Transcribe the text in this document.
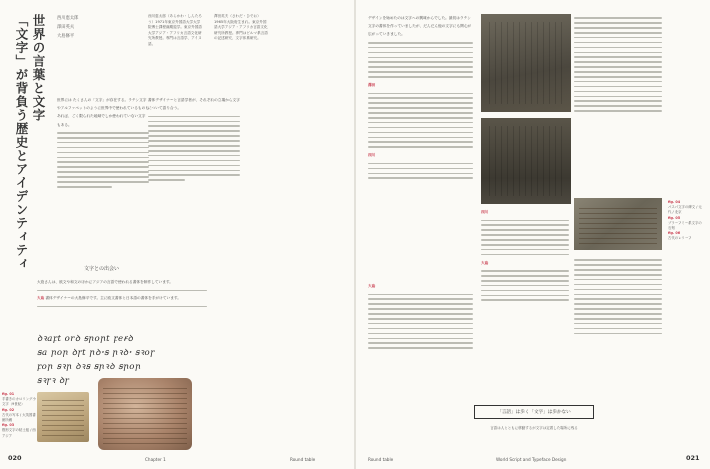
世界の言葉と文字
「文字」が背負う歴史とアイデンティティ	西川恵太郎
澤田英夫
大島修平
西川恵太郎（あらかわ・しんたろう）1971年東京外国語大学大学院博士課程満期退学。東京外国語大学アジア・アフリカ言語文化研究所教授。専門は言語学、アイヌ語。
澤田英夫（さわだ・ひでお）1965年大阪府生まれ。東京外国語大学アジア・アフリカ言語文化研究所教授。専門はビルマ系言語の記述研究、文字体系研究。
世界には たくさんの「文字」が存在する。ラテン文字やアルファベットのように世界中で使われているものもあれば、ごく限られた地域でしか使われていない文字もある。
書体デザイナーと言語学者が、それぞれの立場から文字について語り合う。
文字との出会い
大島さんは、欧文や和文のほかにアジアの言語で使われる書体を制作しています。
大島 書体デザイナーの大島修平です。主に欧文書体と日本語の書体を手がけています。
ꝺꝛaꝼt orꝺ ꞩꞃoꞃt ꝼeꞧꝺ
ꞩa ꞃoꞃ ꝺꞅt ꞃꝺꞏꞩ ꞃꝛꝺꞏ ꞩꝛoꞅ
ꝼoꞃ ꞩꝛꞃ ꝺꝛꞩ ꞩꞃꝛꝺ ꞩꞃoꞃ
ꞩꝛꞅꝛ ꝺꞅ
fig. 01
手書きのカロリング小文字（9世紀）
fig. 02
古代の写本 / 大英図書館所蔵
fig. 03
楔形文字の粘土板 / 西アジア
020	Chapter 1	Round table
デザインを始めたのは文字への興味からでした。最初はラテン文字の書体を作っていましたが、だんだん他の文字にも関心が広がっていきました。
澤田
西川
大島
西川
大島
fig. 04
パスパ文字の碑文 / 元代 / 北京
fig. 05
ブラーフミー系文字の石刻
fig. 06
古代のレリーフ
「言語」は歩く「文字」は歩かない
言語は人とともに移動するが文字は定着した場所に残る
Round table	World Script and Typeface Design	021
